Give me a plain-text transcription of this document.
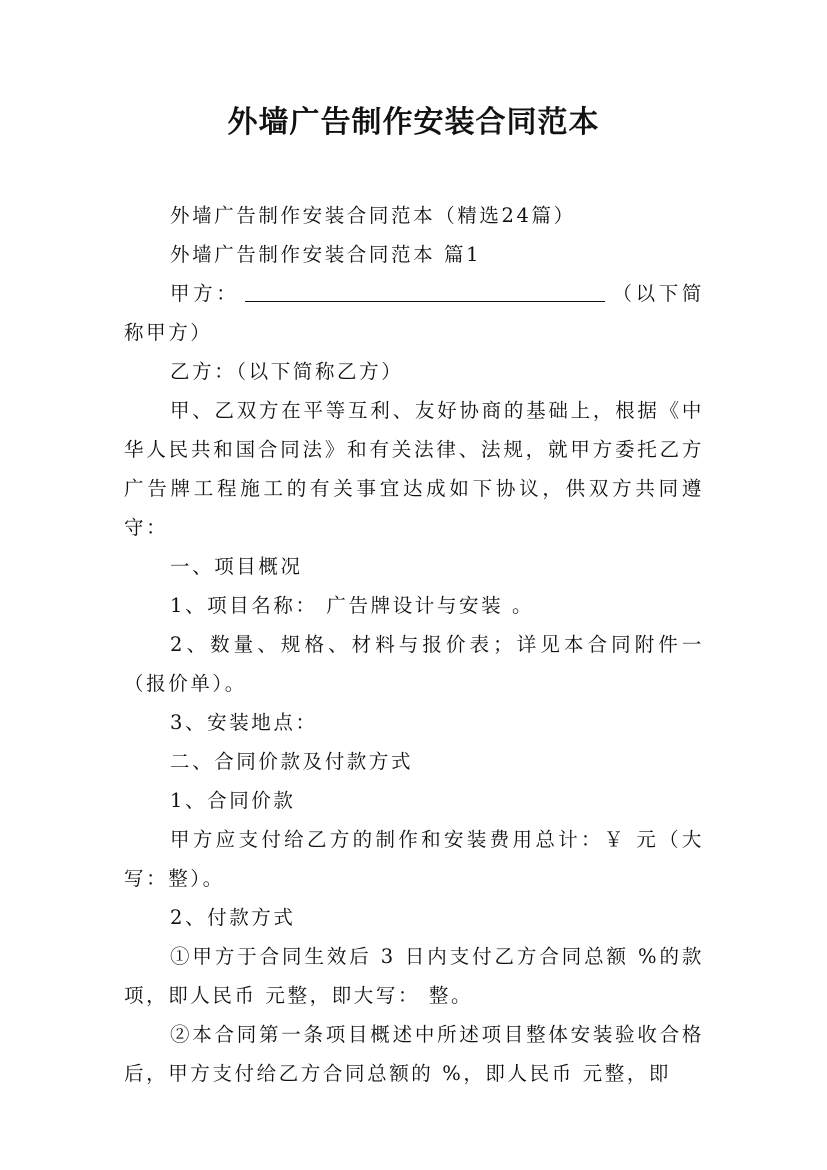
外墙广告制作安装合同范本

外墙广告制作安装合同范本（精选24篇）

外墙广告制作安装合同范本 篇1

甲方：	（以下简称甲方）

乙方：（以下简称乙方）

甲、乙双方在平等互利、友好协商的基础上，根据《中华人民共和国合同法》和有关法律、法规，就甲方委托乙方广告牌工程施工的有关事宜达成如下协议，供双方共同遵守：

一、项目概况

1、项目名称： 广告牌设计与安装 。

2、数量、规格、材料与报价表；详见本合同附件一（报价单）。

3、安装地点：

二、合同价款及付款方式

1、合同价款

甲方应支付给乙方的制作和安装费用总计：￥ 元（大写：整）。

2、付款方式

①甲方于合同生效后 3 日内支付乙方合同总额 %的款项，即人民币 元整，即大写： 整。

②本合同第一条项目概述中所述项目整体安装验收合格后，甲方支付给乙方合同总额的 %，即人民币 元整，即
